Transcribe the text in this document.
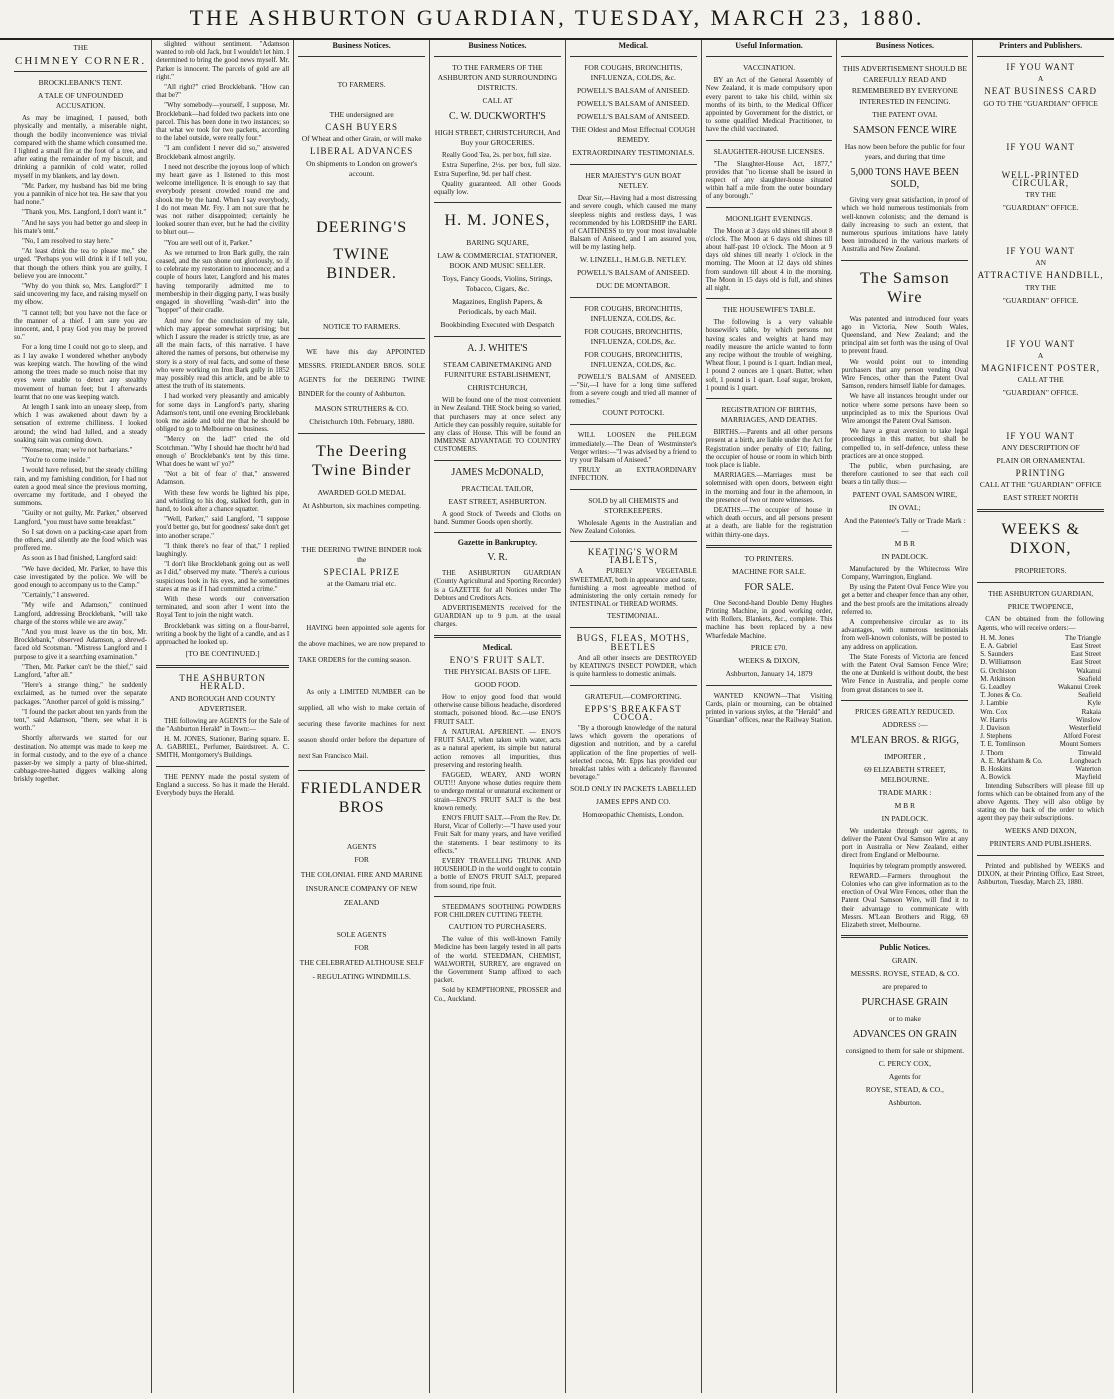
THE ASHBURTON GUARDIAN, TUESDAY, MARCH 23, 1880.
THE
CHIMNEY CORNER.
BROCKLEBANK'S TENT.
A TALE OF UNFOUNDED ACCUSATION.

As may be imagined, I paused, both physically and mentally, a miserable night, though the bodily inconvenience was trivial compared with the shame which consumed me. I lighted a small fire at the foot of a tree, and after eating the remainder of my biscuit, and drinking a pannikin of cold water, rolled myself in my blankets, and lay down.

"Mr. Parker, my husband has bid me bring you a pannikin of nice hot tea. He saw that you had none."

"Thank you, Mrs. Langford, I don't want it."

"And he says you had better go and sleep in his mate's tent."

"No, I am resolved to stay here."

"At least drink the tea to please me," she urged. "Perhaps you will drink it if I tell you, that though the others think you are guilty, I believe you are innocent."

"Why do you think so, Mrs. Langford?" I said uncovering my face, and raising myself on my elbow.

"I cannot tell; but you have not the face or the manner of a thief. I am sure you are innocent, and, I pray God you may be proved so."

For a long time I could not go to sleep, and as I lay awake I wondered whether anybody was keeping watch. The howling of the wind among the trees made so much noise that my eyes were unable to detect any stealthy movement of human feet; but I afterwards learnt that no one was keeping watch.

At length I sank into an uneasy sleep, from which I was awakened about dawn by a sensation of extreme chilliness. I looked around; the wind had lulled, and a steady soaking rain was coming down.

"Nonsense, man; we're not barbarians."

"You're to come inside."

I would have refused, but the steady chilling rain, and my famishing condition, for I had not eaten a good meal since the previous morning, overcame my fortitude, and I obeyed the summons.

"Guilty or not guilty, Mr. Parker," observed Langford, "you must have some breakfast."

So I sat down on a packing-case apart from the others, and silently ate the food which was proffered me.

As soon as I had finished, Langford said:

"We have decided, Mr. Parker, to have this case investigated by the police. We will be good enough to accompany us to the Camp."

"Certainly," I answered.

"My wife and Adamson," continued Langford, addressing Brocklebank, "will take charge of the stores while we are away."

"And you must leave us the tin box, Mr. Brocklebank," observed Adamson, a shrewd-faced old Scotsman. "Mistress Langford and I purpose to give it a searching examination."

"Then, Mr. Parker can't be the thief," said Langford, "after all."

"Here's a strange thing," he suddenly exclaimed, as he turned over the separate packages. "Another parcel of gold is missing."

"I found the packet about ten yards from the tent," said Adamson, "there, see what it is worth."

Shortly afterwards we started for our destination. No attempt was made to keep me in formal custody, and to the eye of a chance passer-by we simply a party of blue-shirted, cabbage-tree-hatted diggers walking along briskly together.

slighted without sentiment. "Adamson wanted to rob old Jack, but I wouldn't let him. I determined to bring the good news myself. Mr. Parker is innocent. The parcels of gold are all right."

"All right?" cried Brocklebank. "How can that be?"

"Why somebody—yourself, I suppose, Mr. Brocklebank—had folded two packets into one parcel. This has been done in two instances; so that what we took for two packets, according to the label outside, were really four."

"I am confident I never did so," answered Brocklebank almost angrily.

I need not describe the joyous loop of which my heart gave as I listened to this most welcome intelligence. It is enough to say that everybody present crowded round me and shook me by the hand. When I say everybody, I do not mean Mr. Fry. I am not sure that he was not rather disappointed; certainly he looked sourer than ever, but he had the civility to blurt out—

"You are well out of it, Parker."

As we returned to Iron Bark gully, the rain ceased, and the sun shone out gloriously, so if to celebrate my restoration to innocence; and a couple of hours later, Langford and his mates having temporarily admitted me to membership in their digging party, I was busily engaged in shovelling "wash-dirt" into the "hopper" of their cradle.

And now for the conclusion of my tale, which may appear somewhat surprising; but which I assure the reader is strictly true, as are all the main facts, of this narrative. I have altered the names of persons, but otherwise my story is a story of real facts, and some of these who were working on Iron Bark gully in 1852 may possibly read this article, and be able to attest the truth of its statements.

I had worked very pleasantly and amicably for some days in Langford's party, sharing Adamson's tent, until one evening Brocklebank took me aside and told me that he should be obliged to go to Melbourne on business.

"Mercy on the lad!" cried the old Scotchman. "Why I should hae thocht he'd had enough o' Brocklebank's tent by this time. What does he want wi' yo?"

"Not a bit of fear o' that," answered Adamson.

With these few words he lighted his pipe, and whistling to his dog, stalked forth, gun in hand, to look after a chance squatter.

"Well, Parker," said Langford, "I suppose you'd better go, but for goodness' sake don't get into another scrape."

"I think there's no fear of that," I replied laughingly.

"I don't like Brocklebank going out as well as I did," observed my mate. "There's a curious suspicious look in his eyes, and he sometimes stares at me as if I had committed a crime."

With these words our conversation terminated, and soon after I went into the Royal Tent to join the night watch.

Brocklebank was sitting on a flour-barrel, writing a book by the light of a candle, and as I approached he looked up.

[TO BE CONTINUED.]
THE ASHBURTON HERALD.
AND BOROUGH AND COUNTY ADVERTISER.

THE following are AGENTS for the Sale of the "Ashburton Herald" in Town:—

H. M. JONES, Stationer, Baring square. E. A. GABRIEL, Perfumer, Bairdstreet. A. C. SMITH, Montgomery's Buildings.

THE PENNY made the postal system of England a success. So has it made the Herald. Everybody buys the Herald.

Business Notices.
TO FARMERS.
THE undersigned are
CASH BUYERS
Of Wheat and other Grain, or will make
LIBERAL ADVANCES
On shipments to London on grower's account.
DEERING'S
TWINE BINDER.
NOTICE TO FARMERS.

WE have this day APPOINTED MESSRS. FRIEDLANDER BROS. SOLE AGENTS for the DEERING TWINE BINDER for the county of Ashburton.

MASON STRUTHERS & CO.
Christchurch 10th. February, 1880.
The Deering Twine Binder
AWARDED GOLD MEDAL
At Ashburton, six machines competing.
THE DEERING TWINE BINDER took the
SPECIAL PRIZE
at the Oamaru trial etc.

HAVING been appointed sole agents for the above machines, we are now prepared to TAKE ORDERS for the coming season.

As only a LIMITED NUMBER can be supplied, all who wish to make certain of securing these favorite machines for next season should order before the departure of next San Francisco Mail.

FRIEDLANDER BROS
AGENTS
FOR
THE COLONIAL FIRE AND MARINE INSURANCE COMPANY OF NEW ZEALAND
SOLE AGENTS
FOR
THE CELEBRATED ALTHOUSE SELF - REGULATING WINDMILLS.
Business Notices.
TO THE FARMERS OF THE ASHBURTON AND SURROUNDING DISTRICTS.
CALL AT
C. W. DUCKWORTH'S
HIGH STREET, CHRISTCHURCH, And Buy your GROCERIES.

Really Good Tea, 2s. per box, full size.

Extra Superfine, 2½s. per box, full size. Extra Superfine, 9d. per half chest.

Quality guaranteed. All other Goods equally low.

H. M. JONES,
BARING SQUARE,
LAW & COMMERCIAL STATIONER, BOOK AND MUSIC SELLER.
Toys, Fancy Goods, Violins, Strings, Tobacco, Cigars, &c.
Magazines, English Papers, & Periodicals, by each Mail.
Bookbinding Executed with Despatch
A. J. WHITE'S
STEAM CABINETMAKING AND FURNITURE ESTABLISHMENT,
CHRISTCHURCH,

Will be found one of the most convenient in New Zealand. THE Stock being so varied, that purchasers may at once select any Article they can possibly require, suitable for any class of House. This will be found an IMMENSE ADVANTAGE TO COUNTRY CUSTOMERS.

JAMES McDONALD,
PRACTICAL TAILOR,
EAST STREET, ASHBURTON.

A good Stock of Tweeds and Cloths on hand. Summer Goods open shortly.

Gazette in Bankruptcy.
V. R.

THE ASHBURTON GUARDIAN (County Agricultural and Sporting Recorder) is a GAZETTE for all Notices under The Debtors and Creditors Acts.

ADVERTISEMENTS received for the GUARDIAN up to 9 p.m. at the usual charges.

Medical.
ENO'S FRUIT SALT.
THE PHYSICAL BASIS OF LIFE.
GOOD FOOD.

How to enjoy good food that would otherwise cause bilious headache, disordered stomach, poisoned blood. &c.—use ENO'S FRUIT SALT.

A NATURAL APERIENT. — ENO'S FRUIT SALT, when taken with water, acts as a natural aperient, its simple but natural action removes all impurities, thus preserving and restoring health.

FAGGED, WEARY, AND WORN OUT!!! Anyone whose duties require them to undergo mental or unnatural excitement or strain—ENO'S FRUIT SALT is the best known remedy.

ENO'S FRUIT SALT.—From the Rev. Dr. Hurst, Vicar of Collerly:—"I have used your Fruit Salt for many years, and have verified the statements. I bear testimony to its effects."

EVERY TRAVELLING TRUNK AND HOUSEHOLD in the world ought to contain a bottle of ENO'S FRUIT SALT, prepared from sound, ripe fruit.

STEEDMAN'S SOOTHING POWDERS FOR CHILDREN CUTTING TEETH.

CAUTION TO PURCHASERS.

The value of this well-known Family Medicine has been largely tested in all parts of the world. STEEDMAN, CHEMIST, WALWORTH, SURREY, are engraved on the Government Stamp affixed to each packet.

Sold by KEMPTHORNE, PROSSER and Co., Auckland.

Medical.
FOR COUGHS, BRONCHITIS, INFLUENZA, COLDS, &c.
POWELL'S BALSAM of ANISEED.
POWELL'S BALSAM of ANISEED.
POWELL'S BALSAM of ANISEED.
THE Oldest and Most Effectual COUGH REMEDY.
EXTRAORDINARY TESTIMONIALS.
HER MAJESTY'S GUN BOAT NETLEY.

Dear Sir,—Having had a most distressing and severe cough, which caused me many sleepless nights and restless days, I was recommended by his LORDSHIP the EARL of CAITHNESS to try your most invaluable Balsam of Aniseed, and I am assured you, will be my lasting help.

W. LINZELL, H.M.G.B. NETLEY.
POWELL'S BALSAM of ANISEED.
DUC DE MONTABOR.
FOR COUGHS, BRONCHITIS, INFLUENZA, COLDS, &c.
FOR COUGHS, BRONCHITIS, INFLUENZA, COLDS, &c.
FOR COUGHS, BRONCHITIS, INFLUENZA, COLDS, &c.

POWELL'S BALSAM of ANISEED.—"Sir,—I have for a long time suffered from a severe cough and tried all manner of remedies."

COUNT POTOCKI.

WILL LOOSEN the PHLEGM immediately.—The Dean of Westminster's Verger writes:—"I was advised by a friend to try your Balsam of Aniseed."

TRULY an EXTRAORDINARY INFECTION.

SOLD by all CHEMISTS and STOREKEEPERS.

Wholesale Agents in the Australian and New Zealand Colonies.

KEATING'S WORM TABLETS,

A PURELY VEGETABLE SWEETMEAT, both in appearance and taste, furnishing a most agreeable method of administering the only certain remedy for INTESTINAL or THREAD WORMS.

TESTIMONIAL.
BUGS, FLEAS, MOTHS, BEETLES

And all other insects are DESTROYED by KEATING'S INSECT POWDER, which is quite harmless to domestic animals.

GRATEFUL—COMFORTING.
EPPS'S BREAKFAST COCOA.

"By a thorough knowledge of the natural laws which govern the operations of digestion and nutrition, and by a careful application of the fine properties of well-selected cocoa, Mr. Epps has provided our breakfast tables with a delicately flavoured beverage."

SOLD ONLY IN PACKETS LABELLED
JAMES EPPS AND CO.
Homœopathic Chemists, London.
Useful Information.
VACCINATION.

BY an Act of the General Assembly of New Zealand, it is made compulsory upon every parent to take his child, within six months of its birth, to the Medical Officer appointed by Government for the district, or to some qualified Medical Practitioner, to have the child vaccinated.

SLAUGHTER-HOUSE LICENSES.

"The Slaughter-House Act, 1877," provides that "no license shall be issued in respect of any slaughter-house situated within half a mile from the outer boundary of any borough."

MOONLIGHT EVENINGS.

The Moon at 3 days old shines till about 8 o'clock. The Moon at 6 days old shines till about half-past 10 o'clock. The Moon at 9 days old shines till nearly 1 o'clock in the morning. The Moon at 12 days old shines from sundown till about 4 in the morning. The Moon in 15 days old is full, and shines all night.

THE HOUSEWIFE'S TABLE.

The following is a very valuable housewife's table, by which persons not having scales and weights at hand may readily measure the article wanted to form any recipe without the trouble of weighing. Wheat flour, 1 pound is 1 quart. Indian meal, 1 pound 2 ounces are 1 quart. Butter, when soft, 1 pound is 1 quart. Loaf sugar, broken, 1 pound is 1 quart.

REGISTRATION OF BIRTHS, MARRIAGES, AND DEATHS.

BIRTHS.—Parents and all other persons present at a birth, are liable under the Act for Registration under penalty of £10; failing, the occupier of house or room in which birth took place is liable.

MARRIAGES.—Marriages must be solemnised with open doors, between eight in the morning and four in the afternoon, in the presence of two or more witnesses.

DEATHS.—The occupier of house in which death occurs, and all persons present at a death, are liable for the registration within thirty-one days.

TO PRINTERS.
MACHINE FOR SALE.
FOR SALE.

One Second-hand Double Demy Hughes Printing Machine, in good working order, with Rollers, Blankets, &c., complete. This machine has been replaced by a new Wharfedale Machine.

PRICE £70.
WEEKS & DIXON,
Ashburton, January 14, 1879

WANTED KNOWN—That Visiting Cards, plain or mourning, can be obtained printed in various styles, at the "Herald" and "Guardian" offices, near the Railway Station.

Business Notices.
THIS ADVERTISEMENT SHOULD BE CAREFULLY READ AND REMEMBERED BY EVERYONE INTERESTED IN FENCING.
THE PATENT OVAL
SAMSON FENCE WIRE
Has now been before the public for four years, and during that time
5,000 TONS HAVE BEEN SOLD,

Giving very great satisfaction, in proof of which we hold numerous testimonials from well-known colonists; and the demand is daily increasing to such an extent, that numerous spurious imitations have lately been introduced in the various markets of Australia and New Zealand.

The Samson Wire

Was patented and introduced four years ago in Victoria, New South Wales, Queensland, and New Zealand; and the principal aim set forth was the using of Oval to prevent fraud.

We would point out to intending purchasers that any person vending Oval Wire Fences, other than the Patent Oval Samson, renders himself liable for damages.

We have all instances brought under our notice where some persons have been so unprincipled as to mix the Spurious Oval Wire amongst the Patent Oval Samson.

We have a great aversion to take legal proceedings in this matter, but shall be compelled to, in self-defence, unless these practices are at once stopped.

The public, when purchasing, are therefore cautioned to see that each coil bears a tin tally thus:—

PATENT OVAL SAMSON WIRE,
IN OVAL;
And the Patentee's Tally or Trade Mark :—
M B R
IN PADLOCK.

Manufactured by the Whitecross Wire Company, Warrington, England.

By using the Patent Oval Fence Wire you get a better and cheaper fence than any other, and the best proofs are the imitations already referred to.

A comprehensive circular as to its advantages, with numerous testimonials from well-known colonists, will be posted to any address on application.

The State Forests of Victoria are fenced with the Patent Oval Samson Fence Wire; the one at Dunkeld is without doubt, the best Wire Fence in Australia, and people come from great distances to see it.

PRICES GREATLY REDUCED.
ADDRESS :—
M'LEAN BROS. & RIGG,
IMPORTER ,
69 ELIZABETH STREET, MELBOURNE.
TRADE MARK :
M B R
IN PADLOCK.

We undertake through our agents, to deliver the Patent Oval Samson Wire at any port in Australia or New Zealand, either direct from England or Melbourne.

Inquiries by telegram promptly answered.

REWARD.—Farmers throughout the Colonies who can give information as to the erection of Oval Wire Fences, other than the Patent Oval Samson Wire, will find it to their advantage to communicate with Messrs. M'Lean Brothers and Rigg, 69 Elizabeth street, Melbourne.

Public Notices.
GRAIN.
MESSRS. ROYSE, STEAD, & CO.
are prepared to
PURCHASE GRAIN
or to make
ADVANCES ON GRAIN
consigned to them for sale or shipment.
C. PERCY COX,
Agents for
ROYSE, STEAD, & CO.,
Ashburton.
Printers and Publishers.
IF YOU WANT
A
NEAT BUSINESS CARD
GO TO THE "GUARDIAN" OFFICE
IF YOU WANT
WELL-PRINTED CIRCULAR,
TRY THE
"GUARDIAN" OFFICE.
IF YOU WANT
AN
ATTRACTIVE HANDBILL,
TRY THE
"GUARDIAN" OFFICE.
IF YOU WANT
A
MAGNIFICENT POSTER,
CALL AT THE
"GUARDIAN" OFFICE.
IF YOU WANT
ANY DESCRIPTION OF
PLAIN OR ORNAMENTAL
PRINTING
CALL AT THE "GUARDIAN" OFFICE
EAST STREET NORTH
WEEKS & DIXON,
PROPRIETORS.
THE ASHBURTON GUARDIAN,
PRICE TWOPENCE,

CAN be obtained from the following Agents, who will receive orders:—

H. M. Jones	The Triangle
E. A. Gabriel	East Street
S. Saunders	East Street
D. Williamson	East Street
G. Orchiston	Wakanui
M. Atkinson	Seafield
G. Leadley	Wakanui Creek
T. Jones & Co.	Seafield
J. Lambie	Kyle
Wm. Cox	Rakaia
W. Harris	Winslow
J. Davison	Westerfield
J. Stephens	Alford Forest
T. E. Tomlinson	Mount Somers
J. Thorn	Tinwald
A. E. Markham & Co.	Longbeach
B. Hoskins	Waterton
A. Bowick	Mayfield

Intending Subscribers will please fill up forms which can be obtained from any of the above Agents. They will also oblige by stating on the back of the order to which agent they pay their subscriptions.

WEEKS AND DIXON,
PRINTERS AND PUBLISHERS.

Printed and published by WEEKS and DIXON, at their Printing Office, East Street, Ashburton, Tuesday, March 23, 1880.
